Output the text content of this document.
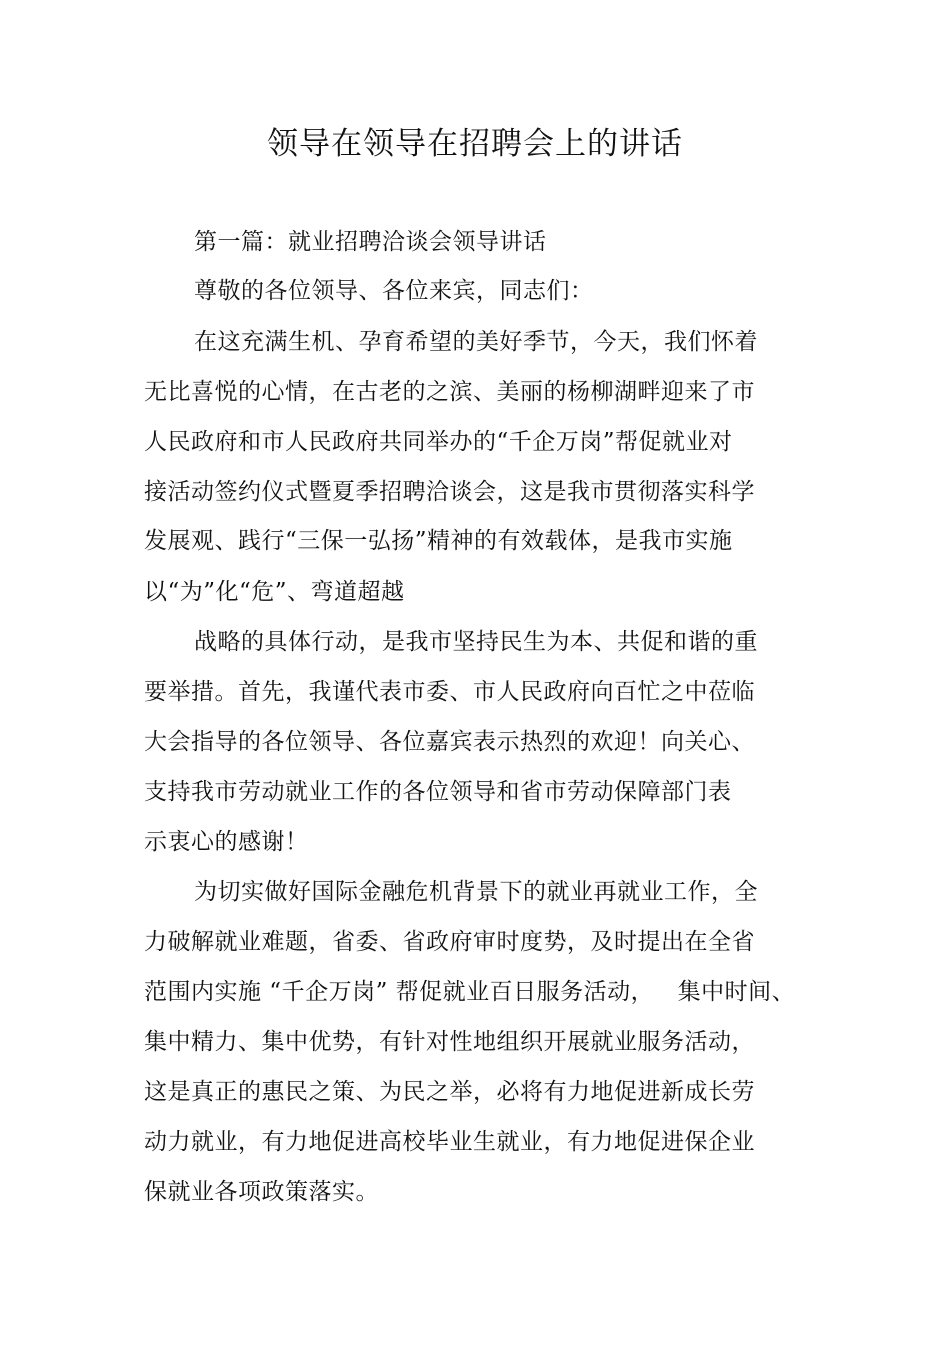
领导在领导在招聘会上的讲话
第一篇：就业招聘洽谈会领导讲话
尊敬的各位领导、各位来宾，同志们：
在这充满生机、孕育希望的美好季节，今天，我们怀着
无比喜悦的心情，在古老的之滨、美丽的杨柳湖畔迎来了市
人民政府和市人民政府共同举办的“千企万岗”帮促就业对
接活动签约仪式暨夏季招聘洽谈会，这是我市贯彻落实科学
发展观、践行“三保一弘扬”精神的有效载体，是我市实施
以“为”化“危”、弯道超越
战略的具体行动，是我市坚持民生为本、共促和谐的重
要举措。首先，我谨代表市委、市人民政府向百忙之中莅临
大会指导的各位领导、各位嘉宾表示热烈的欢迎！向关心、
支持我市劳动就业工作的各位领导和省市劳动保障部门表
示衷心的感谢！
为切实做好国际金融危机背景下的就业再就业工作，全
力破解就业难题，省委、省政府审时度势，及时提出在全省
范围内实施 “千企万岗” 帮促就业百日服务活动，   集中时间、
集中精力、集中优势，有针对性地组织开展就业服务活动，
这是真正的惠民之策、为民之举，必将有力地促进新成长劳
动力就业，有力地促进高校毕业生就业，有力地促进保企业
保就业各项政策落实。
